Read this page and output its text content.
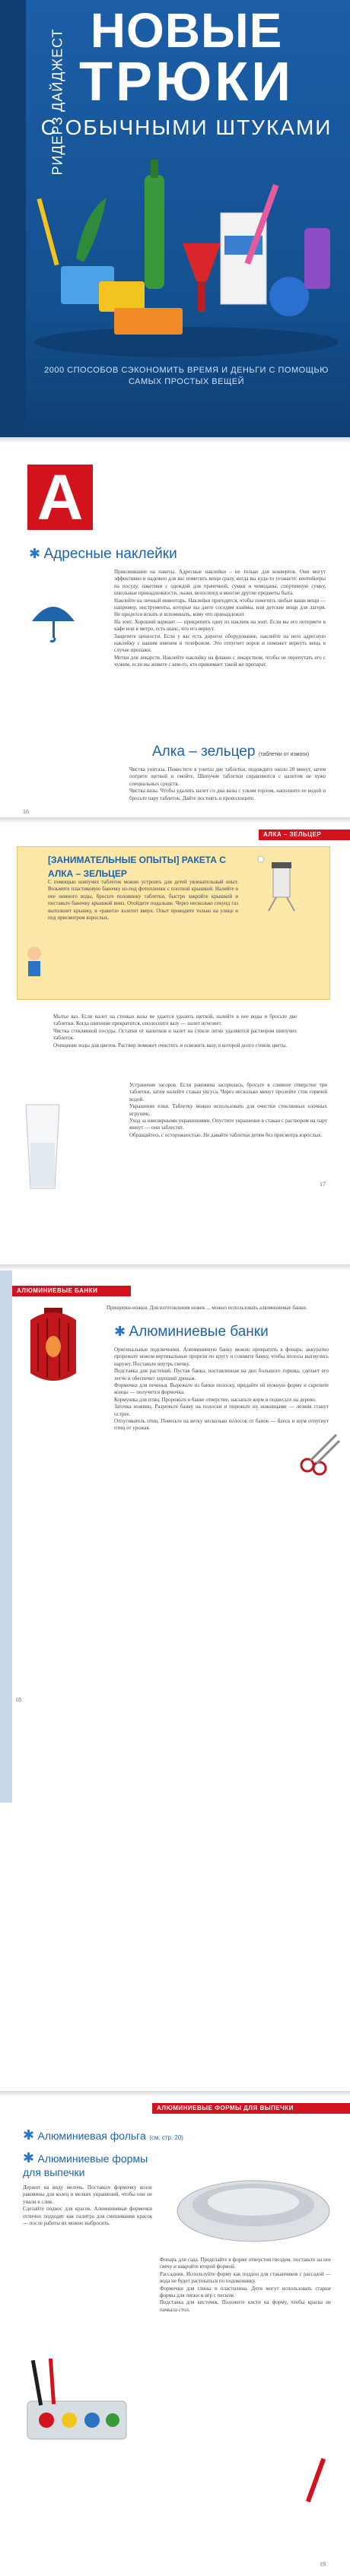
РИДЕРЗ ДАЙДЖЕСТ НОВЫЕ
ТРЮКИ
С ОБЫЧНЫМИ ШТУКАМИ
2000 СПОСОБОВ СЭКОНОМИТЬ ВРЕМЯ И ДЕНЬГИ С ПОМОЩЬЮ САМЫХ ПРОСТЫХ ВЕЩЕЙ
A
✱ Адресные наклейки

Приклеивание на пакеты. Адресные наклейки – не только для конвертов. Они могут эффективно и надежно для вас пометить вещи сразу, когда вы куда-то уезжаете: контейнеры на посуду, пакетики с одеждой для прачечной, сумки и чемоданы, спортивную сумку, школьные принадлежности, лыжи, велосипед и многие другие предметы быта.

Наклейте на личный инвентарь. Наклейки пригодятся, чтобы пометить любые ваши вещи — например, инструменты, которые вы даете соседям взаймы, или детские вещи для лагеря. Не придется искать и вспоминать, кому что принадлежит.

На зонт. Хороший вариант — прикрепить одну из наклеек на зонт. Если вы его потеряете в кафе или в метро, есть шанс, что его вернут.

Защитите ценности. Если у вас есть дорогое оборудование, наклейте на него адресную наклейку с вашим именем и телефоном. Это отпугнет воров и поможет вернуть вещь в случае пропажи.

Метки для лекарств. Наклейте наклейку на флакон с лекарством, чтобы не перепутать его с чужим, если вы живете с кем-то, кто принимает такой же препарат.

Алка – зельцер (таблетки от изжоги)

Чистка унитаза. Поместите в унитаз две таблетки, подождите около 20 минут, затем потрите щеткой и смойте. Шипучие таблетки справляются с налетом не хуже специальных средств.

Чистка вазы. Чтобы удалить налет со дна вазы с узким горлом, наполните ее водой и бросьте пару таблеток. Дайте постоять и прополощите.

16
АЛКА – ЗЕЛЬЦЕР
[ЗАНИМАТЕЛЬНЫЕ ОПЫТЫ] РАКЕТА С АЛКА – ЗЕЛЬЦЕР

С помощью шипучих таблеток можно устроить для детей увлекательный опыт. Возьмите пластиковую баночку из-под фотопленки с плотной крышкой. Налейте в нее немного воды, бросьте половинку таблетки, быстро закройте крышкой и поставьте баночку крышкой вниз. Отойдите подальше. Через несколько секунд газ вытолкнет крышку, и «ракета» взлетит вверх. Опыт проводите только на улице и под присмотром взрослых.

Мытье ваз. Если налет на стенках вазы не удается удалить щеткой, налейте в нее воды и бросьте две таблетки. Когда шипение прекратится, ополосните вазу — налет исчезнет.

Чистка стеклянной посуды. Остатки от напитков и налет на стекле легко удаляются раствором шипучих таблеток.

Очищение воды для цветов. Раствор поможет очистить и освежить вазу, в которой долго стояли цветы.

Устранение засоров. Если раковина засорилась, бросьте в сливное отверстие три таблетки, затем налейте стакан уксуса. Через несколько минут пролейте сток горячей водой.

Украшение елки. Таблетку можно использовать для очистки стеклянных елочных игрушек.

Уход за ювелирными украшениями. Опустите украшение в стакан с раствором на пару минут — они заблестят.

Обращайтесь с осторожностью. Не давайте таблетки детям без присмотра взрослых.

17
АЛЮМИНИЕВЫЕ БАНКИ

Прищепки-ножки. Для изготовления ножек ... можно использовать алюминиевые банки.

✱ Алюминиевые банки

Оригинальные подсвечники. Алюминиевую банку можно превратить в фонарь: аккуратно прорежьте ножом вертикальные прорези по кругу и сожмите банку, чтобы полосы выгнулись наружу. Поставьте внутрь свечку.

Подставка для растений. Пустая банка, поставленная на дно большого горшка, сделает его легче и обеспечит хороший дренаж.

Формочки для печенья. Вырежьте из банки полоску, придайте ей нужную форму и скрепите концы — получится формочка.

Кормушка для птиц. Прорежьте в банке отверстие, насыпьте корм и подвесьте на дерево.

Заточка ножниц. Разрежьте банку на полоски и порежьте их ножницами — лезвия станут острее.

Отпугиватель птиц. Повесьте на ветку несколько полосок от банок — блеск и шум отпугнут птиц от урожая.

18
АЛЮМИНИЕВЫЕ ФОРМЫ ДЛЯ ВЫПЕЧКИ
✱ Алюминиевая фольга (см. стр. 20)
✱ Алюминиевые формы для выпечки

Держит на виду мелочь. Поставьте формочку возле раковины для колец и мелких украшений, чтобы они не упали в слив.

Сделайте поднос для красок. Алюминиевые формочки отлично подходят как палитра для смешивания красок — после работы их можно выбросить.

Фонарь для сада. Проделайте в форме отверстия гвоздем, поставьте на нее свечу и накройте второй формой.

Рассадник. Используйте форму как поддон для стаканчиков с рассадой — вода не будет растекаться по подоконнику.

Формочки для глины и пластилина. Дети могут использовать старые формы для лепки и игр с песком.

Подставка для кисточек. Положите кисти на форму, чтобы краска не пачкала стол.

19
